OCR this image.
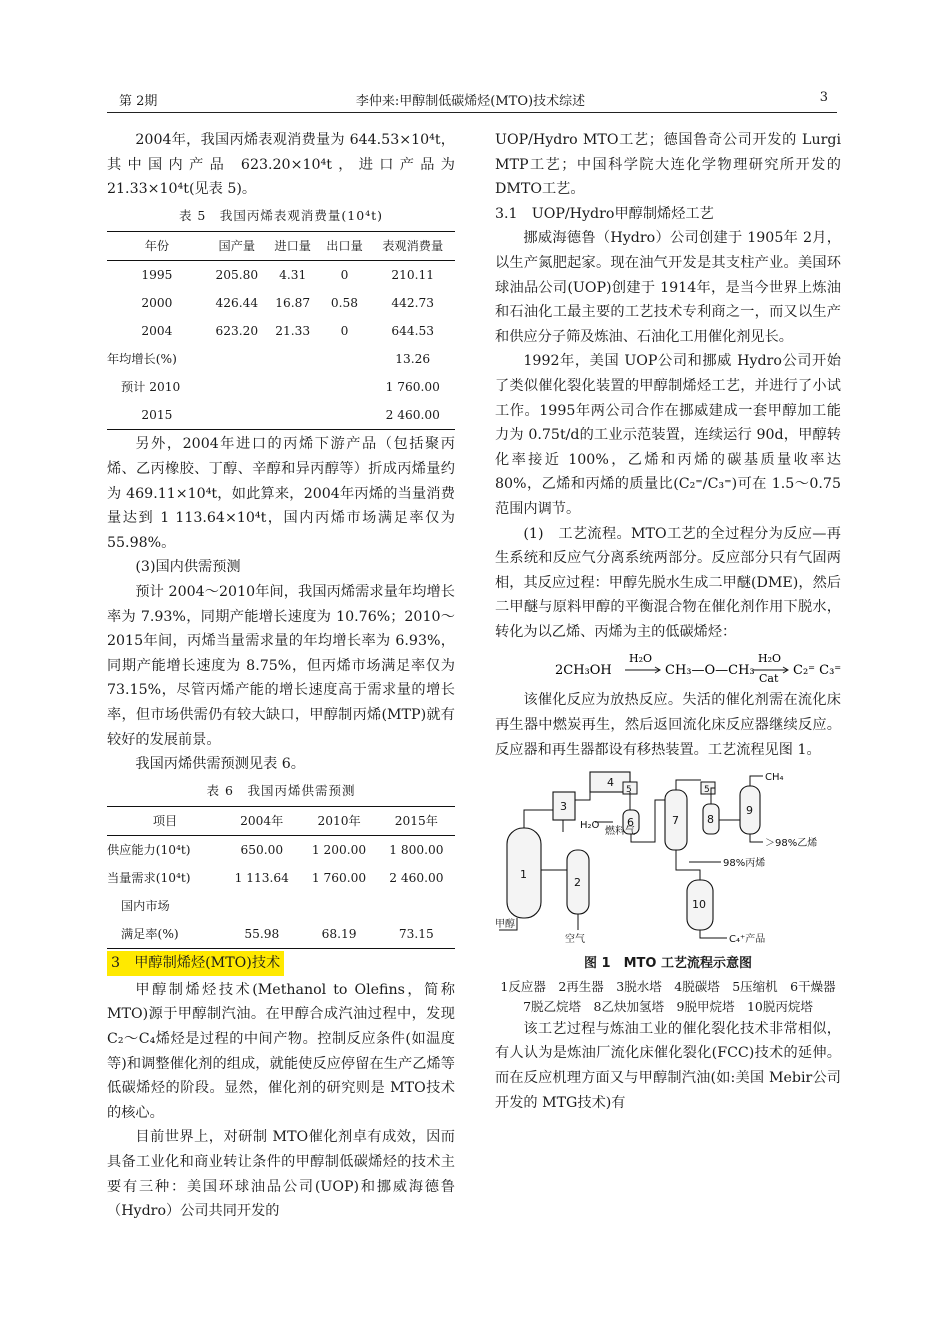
第 2期	李仲来:甲醇制低碳烯烃(MTO)技术综述	3

2004年，我国丙烯表观消费量为 644.53×10⁴t，其中国内产品 623.20×10⁴t，进口产品为 21.33×10⁴t(见表 5)。

表 5　我国丙烯表观消费量(10⁴t)
年份	国产量	进口量	出口量	表观消费量
1995	205.80	4.31	0	210.11
2000	426.44	16.87	0.58	442.73
2004	623.20	21.33	0	644.53
年均增长(%)				13.26
预计 2010				1 760.00
2015				2 460.00

另外，2004年进口的丙烯下游产品（包括聚丙烯、乙丙橡胶、丁醇、辛醇和异丙醇等）折成丙烯量约为 469.11×10⁴t，如此算来，2004年丙烯的当量消费量达到 1 113.64×10⁴t，国内丙烯市场满足率仅为 55.98%。

(3)国内供需预测

预计 2004～2010年间，我国丙烯需求量年均增长率为 7.93%，同期产能增长速度为 10.76%；2010～2015年间，丙烯当量需求量的年均增长率为 6.93%，同期产能增长速度为 8.75%，但丙烯市场满足率仅为 73.15%，尽管丙烯产能的增长速度高于需求量的增长率，但市场供需仍有较大缺口，甲醇制丙烯(MTP)就有较好的发展前景。

我国丙烯供需预测见表 6。

表 6　我国丙烯供需预测
项目	2004年	2010年	2015年
供应能力(10⁴t)	650.00	1 200.00	1 800.00
当量需求(10⁴t)	1 113.64	1 760.00	2 460.00
国内市场			
满足率(%)	55.98	68.19	73.15
3　甲醇制烯烃(MTO)技术

甲醇制烯烃技术(Methanol to Olefins，简称 MTO)源于甲醇制汽油。在甲醇合成汽油过程中，发现 C₂～C₄烯烃是过程的中间产物。控制反应条件(如温度等)和调整催化剂的组成，就能使反应停留在生产乙烯等低碳烯烃的阶段。显然，催化剂的研究则是 MTO技术的核心。

目前世界上，对研制 MTO催化剂卓有成效，因而具备工业化和商业转让条件的甲醇制低碳烯烃的技术主要有三种：美国环球油品公司(UOP)和挪威海德鲁（Hydro）公司共同开发的

UOP/Hydro MTO工艺；德国鲁奇公司开发的 Lurgi MTP工艺；中国科学院大连化学物理研究所开发的 DMTO工艺。

3.1　UOP/Hydro甲醇制烯烃工艺

挪威海德鲁（Hydro）公司创建于 1905年 2月，以生产氮肥起家。现在油气开发是其支柱产业。美国环球油品公司(UOP)创建于 1914年，是当今世界上炼油和石油化工最主要的工艺技术专利商之一，而又以生产和供应分子筛及炼油、石油化工用催化剂见长。

1992年，美国 UOP公司和挪威 Hydro公司开始了类似催化裂化装置的甲醇制烯烃工艺，并进行了小试工作。1995年两公司合作在挪威建成一套甲醇加工能力为 0.75t/d的工业示范装置，连续运行 90d，甲醇转化率接近 100%，乙烯和丙烯的碳基质量收率达 80%，乙烯和丙烯的质量比(C₂⁼/C₃⁼)可在 1.5～0.75范围内调节。

(1)　工艺流程。MTO工艺的全过程分为反应—再生系统和反应气分离系统两部分。反应部分只有气固两相，其反应过程：甲醇先脱水生成二甲醚(DME)，然后二甲醚与原料甲醇的平衡混合物在催化剂作用下脱水，转化为以乙烯、丙烯为主的低碳烯烃：

2CH₃OH
H₂O
CH₃—O—CH₃
H₂O
Cat
C₂⁼ C₃⁼

该催化反应为放热反应。失活的催化剂需在流化床再生器中燃炭再生，然后返回流化床反应器继续反应。反应器和再生器都设有移热装置。工艺流程见图 1。

1
2
3
4
6	7	8
9
10
5	5
H₂O
燃料气
CH₄
＞98%乙烯
98%丙烯
甲醇
空气	C₄⁺产品
图 1　MTO 工艺流程示意图
1反应器　2再生器　3脱水塔　4脱碳塔　5压缩机　6干燥器
7脱乙烷塔　8乙炔加氢塔　9脱甲烷塔　10脱丙烷塔

该工艺过程与炼油工业的催化裂化技术非常相似，有人认为是炼油厂流化床催化裂化(FCC)技术的延伸。而在反应机理方面又与甲醇制汽油(如:美国 Mebir公司开发的 MTG技术)有
